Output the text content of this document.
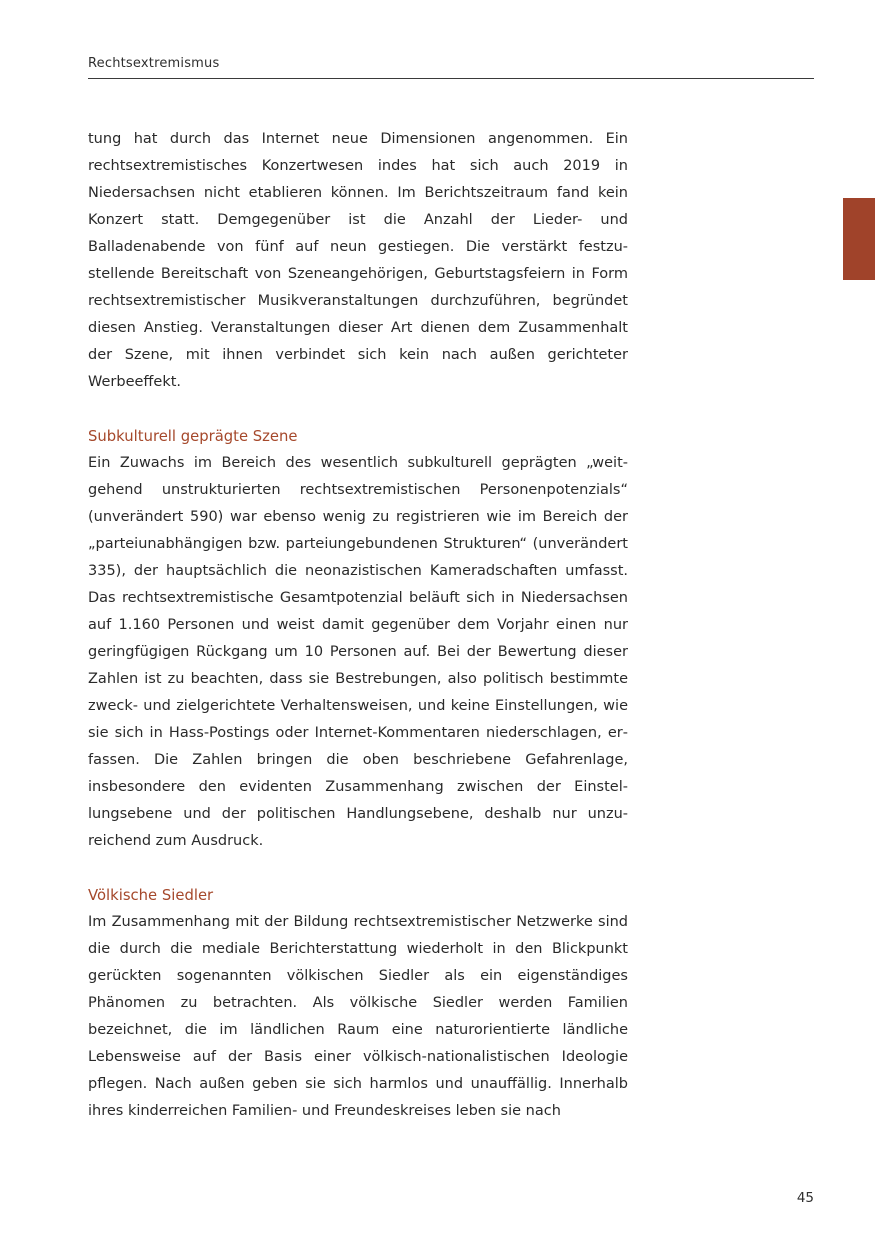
Rechtsextremismus

tung hat durch das Internet neue Dimensionen angenommen. Ein rechtsextremistisches Konzertwesen indes hat sich auch 2019 in Niedersachsen nicht etablieren können. Im Berichtszeitraum fand kein Konzert statt. Demgegenüber ist die Anzahl der Lieder- und Balladenabende von fünf auf neun gestiegen. Die verstärkt festzustellende Bereitschaft von Szeneangehörigen, Geburtstagsfeiern in Form rechtsextremistischer Musikveranstaltungen durchzuführen, begründet diesen Anstieg. Veranstaltungen dieser Art dienen dem Zusammenhalt der Szene, mit ihnen verbindet sich kein nach außen gerichteter Werbeeffekt.

Subkulturell geprägte Szene

Ein Zuwachs im Bereich des wesentlich subkulturell geprägten „weitgehend unstrukturierten rechtsextremistischen Personenpotenzials“ (unverändert 590) war ebenso wenig zu registrieren wie im Bereich der „parteiunabhängigen bzw. parteiungebundenen Strukturen“ (unverändert 335), der hauptsächlich die neonazistischen Kameradschaften umfasst. Das rechtsextremistische Gesamtpotenzial beläuft sich in Niedersachsen auf 1.160 Personen und weist damit gegenüber dem Vorjahr einen nur geringfügigen Rückgang um 10 Personen auf. Bei der Bewertung dieser Zahlen ist zu beachten, dass sie Bestrebungen, also politisch bestimmte zweck- und zielgerichtete Verhaltensweisen, und keine Einstellungen, wie sie sich in Hass-Postings oder Internet-Kommentaren niederschlagen, erfassen. Die Zahlen bringen die oben beschriebene Gefahrenlage, insbesondere den evidenten Zusammenhang zwischen der Einstellungsebene und der politischen Handlungsebene, deshalb nur unzureichend zum Ausdruck.

Völkische Siedler

Im Zusammenhang mit der Bildung rechtsextremistischer Netzwerke sind die durch die mediale Berichterstattung wiederholt in den Blickpunkt gerückten sogenannten völkischen Siedler als ein eigenständiges Phänomen zu betrachten. Als völkische Siedler werden Familien bezeichnet, die im ländlichen Raum eine naturorientierte ländliche Lebensweise auf der Basis einer völkisch-nationalistischen Ideologie pflegen. Nach außen geben sie sich harmlos und unauffällig. Innerhalb ihres kinderreichen Familien- und Freundeskreises leben sie nach

45
